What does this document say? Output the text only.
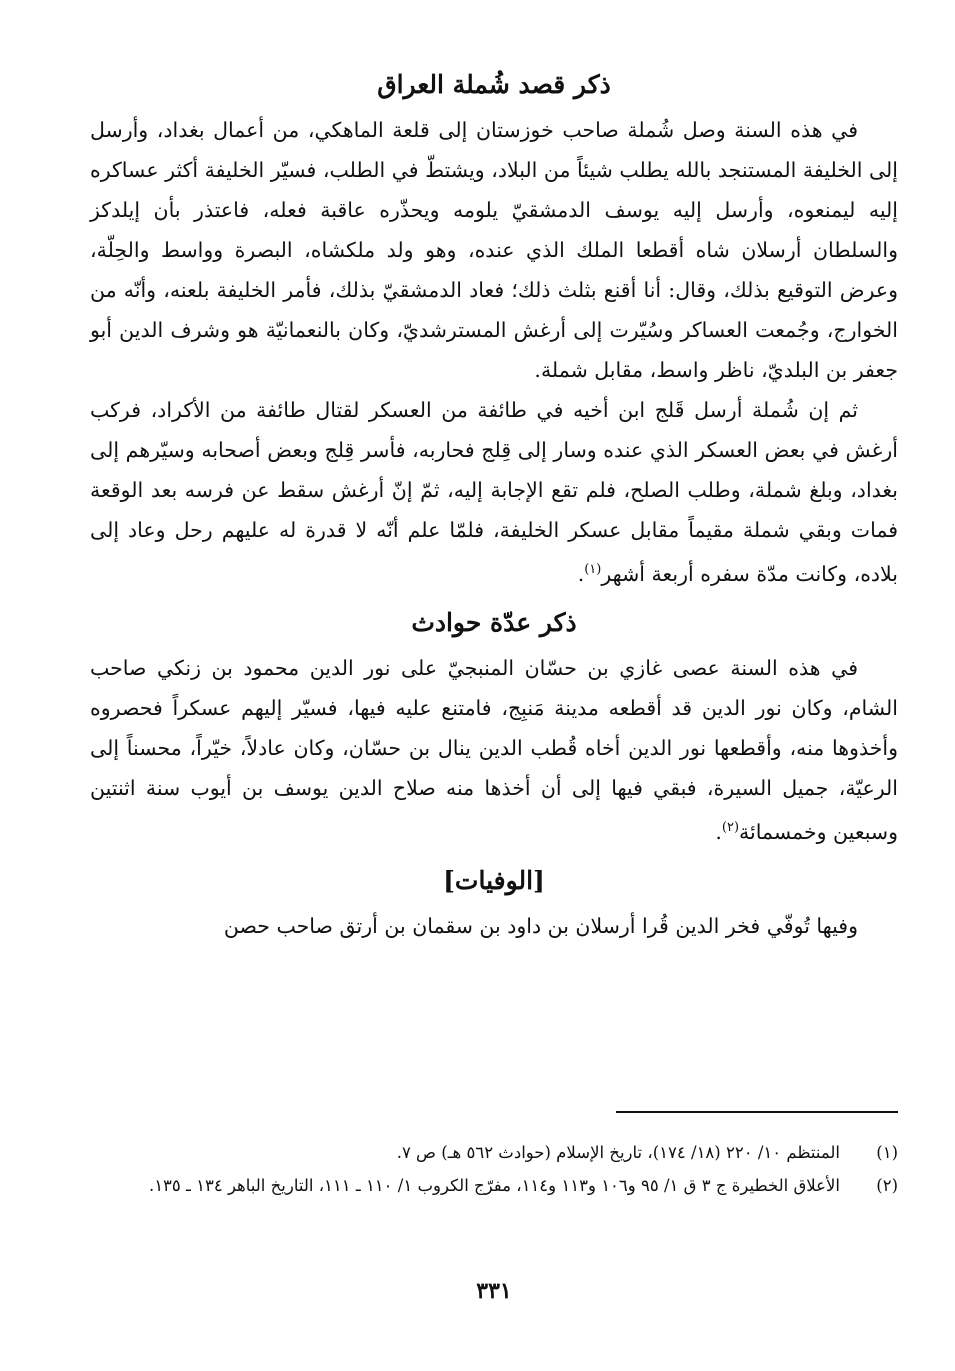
ذكر قصد شُملة العراق

في هذه السنة وصل شُملة صاحب خوزستان إلى قلعة الماهكي، من أعمال بغداد، وأرسل إلى الخليفة المستنجد بالله يطلب شيئاً من البلاد، ويشتطّ في الطلب، فسيّر الخليفة أكثر عساكره إليه ليمنعوه، وأرسل إليه يوسف الدمشقيّ يلومه ويحذّره عاقبة فعله، فاعتذر بأن إيلدكز والسلطان أرسلان شاه أقطعا الملك الذي عنده، وهو ولد ملكشاه، البصرة وواسط والحِلّة، وعرض التوقيع بذلك، وقال: أنا أقنع بثلث ذلك؛ فعاد الدمشقيّ بذلك، فأمر الخليفة بلعنه، وأنّه من الخوارج، وجُمعت العساكر وسُيّرت إلى أرغش المسترشديّ، وكان بالنعمانيّة هو وشرف الدين أبو جعفر بن البلديّ، ناظر واسط، مقابل شملة.

ثم إن شُملة أرسل قَلج ابن أخيه في طائفة من العسكر لقتال طائفة من الأكراد، فركب أرغش في بعض العسكر الذي عنده وسار إلى قِلج فحاربه، فأسر قِلج وبعض أصحابه وسيّرهم إلى بغداد، وبلغ شملة، وطلب الصلح، فلم تقع الإجابة إليه، ثمّ إنّ أرغش سقط عن فرسه بعد الوقعة فمات وبقي شملة مقيماً مقابل عسكر الخليفة، فلمّا علم أنّه لا قدرة له عليهم رحل وعاد إلى بلاده، وكانت مدّة سفره أربعة أشهر$^{(١)}$.

ذكر عدّة حوادث

في هذه السنة عصى غازي بن حسّان المنبجيّ على نور الدين محمود بن زنكي صاحب الشام، وكان نور الدين قد أقطعه مدينة مَنبِج، فامتنع عليه فيها، فسيّر إليهم عسكراً فحصروه وأخذوها منه، وأقطعها نور الدين أخاه قُطب الدين ينال بن حسّان، وكان عادلاً، خيّراً، محسناً إلى الرعيّة، جميل السيرة، فبقي فيها إلى أن أخذها منه صلاح الدين يوسف بن أيوب سنة اثنتين وسبعين وخمسمائة$^{(٢)}$.

[الوفيات]

وفيها تُوفّي فخر الدين قُرا أرسلان بن داود بن سقمان بن أرتق صاحب حصن

(١)
المنتظم ١٠/ ٢٢٠ (١٨/ ١٧٤)، تاريخ الإسلام (حوادث ٥٦٢ هـ) ص ٧.
(٢)
الأعلاق الخطيرة ج ٣ ق ١/ ٩٥ و١٠٦ و١١٣ و١١٤، مفرّج الكروب ١/ ١١٠ ـ ١١١، التاريخ الباهر ١٣٤ ـ ١٣٥.
٣٣١
